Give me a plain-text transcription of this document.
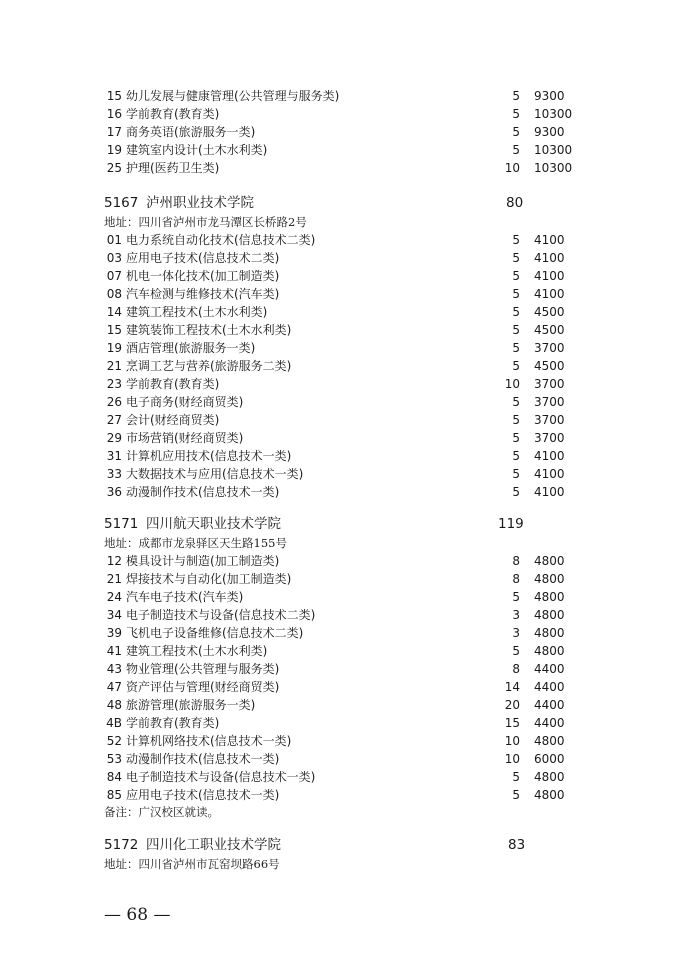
15 幼儿发展与健康管理(公共管理与服务类)	5 9300
16 学前教育(教育类)	5 10300
17 商务英语(旅游服务一类)	5 9300
19 建筑室内设计(土木水利类)	5 10300
25 护理(医药卫生类)	10 10300
5167 泸州职业技术学院	80
地址：四川省泸州市龙马潭区长桥路2号
01 电力系统自动化技术(信息技术二类)	5 4100
03 应用电子技术(信息技术二类)	5 4100
07 机电一体化技术(加工制造类)	5 4100
08 汽车检测与维修技术(汽车类)	5 4100
14 建筑工程技术(土木水利类)	5 4500
15 建筑装饰工程技术(土木水利类)	5 4500
19 酒店管理(旅游服务一类)	5 3700
21 烹调工艺与营养(旅游服务二类)	5 4500
23 学前教育(教育类)	10 3700
26 电子商务(财经商贸类)	5 3700
27 会计(财经商贸类)	5 3700
29 市场营销(财经商贸类)	5 3700
31 计算机应用技术(信息技术一类)	5 4100
33 大数据技术与应用(信息技术一类)	5 4100
36 动漫制作技术(信息技术一类)	5 4100
5171 四川航天职业技术学院	119
地址：成都市龙泉驿区天生路155号
12 模具设计与制造(加工制造类)	8 4800
21 焊接技术与自动化(加工制造类)	8 4800
24 汽车电子技术(汽车类)	5 4800
34 电子制造技术与设备(信息技术二类)	3 4800
39 飞机电子设备维修(信息技术二类)	3 4800
41 建筑工程技术(土木水利类)	5 4800
43 物业管理(公共管理与服务类)	8 4400
47 资产评估与管理(财经商贸类)	14 4400
48 旅游管理(旅游服务一类)	20 4400
4B 学前教育(教育类)	15 4400
52 计算机网络技术(信息技术一类)	10 4800
53 动漫制作技术(信息技术一类)	10 6000
84 电子制造技术与设备(信息技术一类)	5 4800
85 应用电子技术(信息技术一类)	5 4800
备注：广汉校区就读。
5172 四川化工职业技术学院	83
地址：四川省泸州市瓦窑坝路66号
— 68 —
